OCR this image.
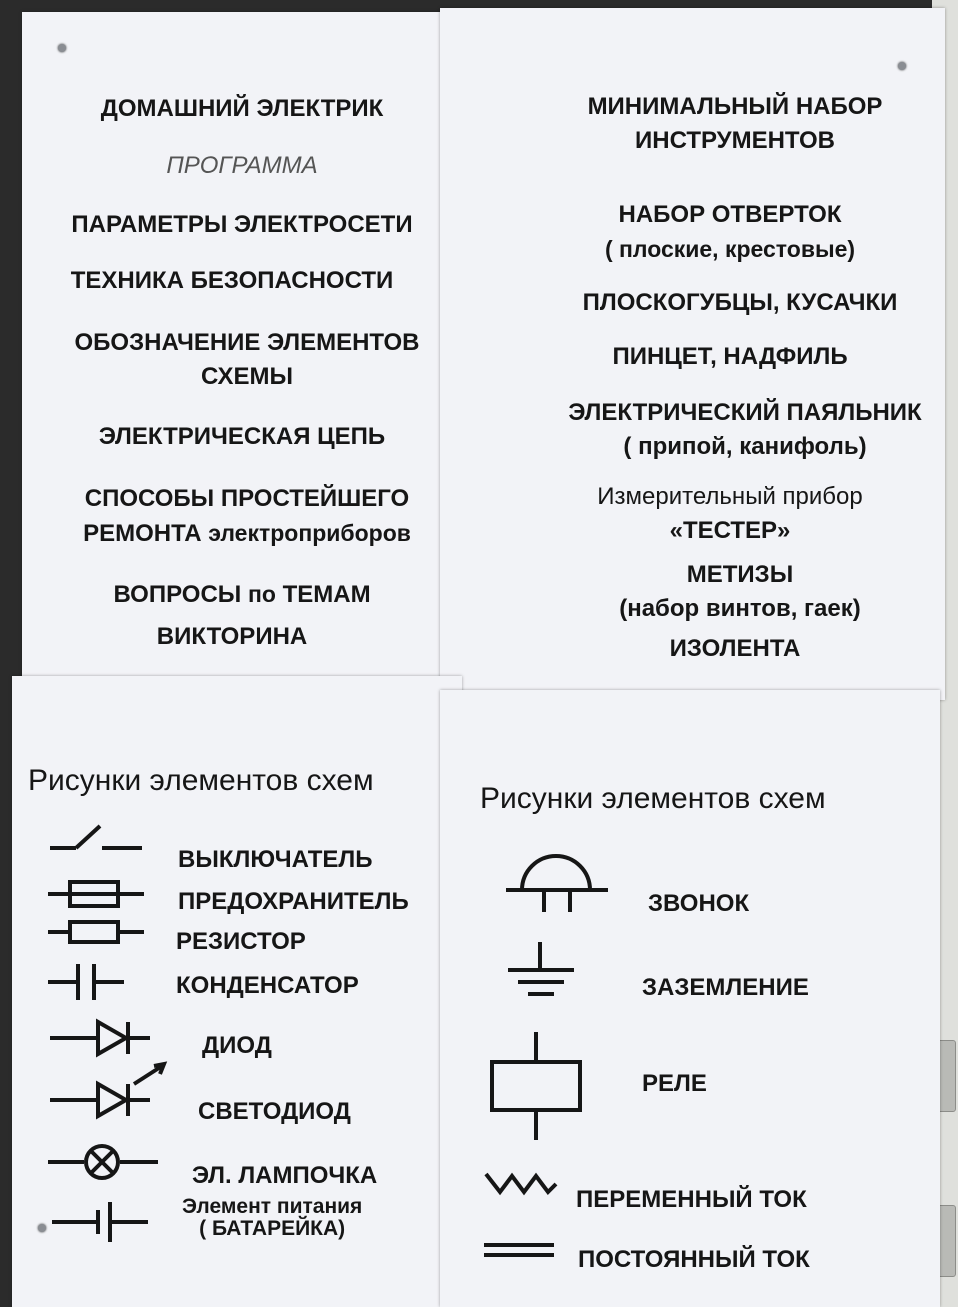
ДОМАШНИЙ ЭЛЕКТРИК
ПРОГРАММА
ПАРАМЕТРЫ ЭЛЕКТРОСЕТИ
ТЕХНИКА БЕЗОПАСНОСТИ
ОБОЗНАЧЕНИЕ ЭЛЕМЕНТОВ
СХЕМЫ
ЭЛЕКТРИЧЕСКАЯ ЦЕПЬ
СПОСОБЫ ПРОСТЕЙШЕГО
РЕМОНТА электроприборов
ВОПРОСЫ по ТЕМАМ
ВИКТОРИНА
МИНИМАЛЬНЫЙ НАБОР
ИНСТРУМЕНТОВ
НАБОР ОТВЕРТОК
( плоские, крестовые)
ПЛОСКОГУБЦЫ, КУСАЧКИ
ПИНЦЕТ, НАДФИЛЬ
ЭЛЕКТРИЧЕСКИЙ ПАЯЛЬНИК
( припой, канифоль)
Измерительный прибор
«ТЕСТЕР»
МЕТИЗЫ
(набор винтов, гаек)
ИЗОЛЕНТА
Рисунки элементов схем
ВЫКЛЮЧАТЕЛЬ
ПРЕДОХРАНИТЕЛЬ
РЕЗИСТОР
КОНДЕНСАТОР
ДИОД
СВЕТОДИОД
ЭЛ. ЛАМПОЧКА
Элемент питания
( БАТАРЕЙКА)
Рисунки элементов схем
ЗВОНОК
ЗАЗЕМЛЕНИЕ
РЕЛЕ
ПЕРЕМЕННЫЙ ТОК
ПОСТОЯННЫЙ ТОК
